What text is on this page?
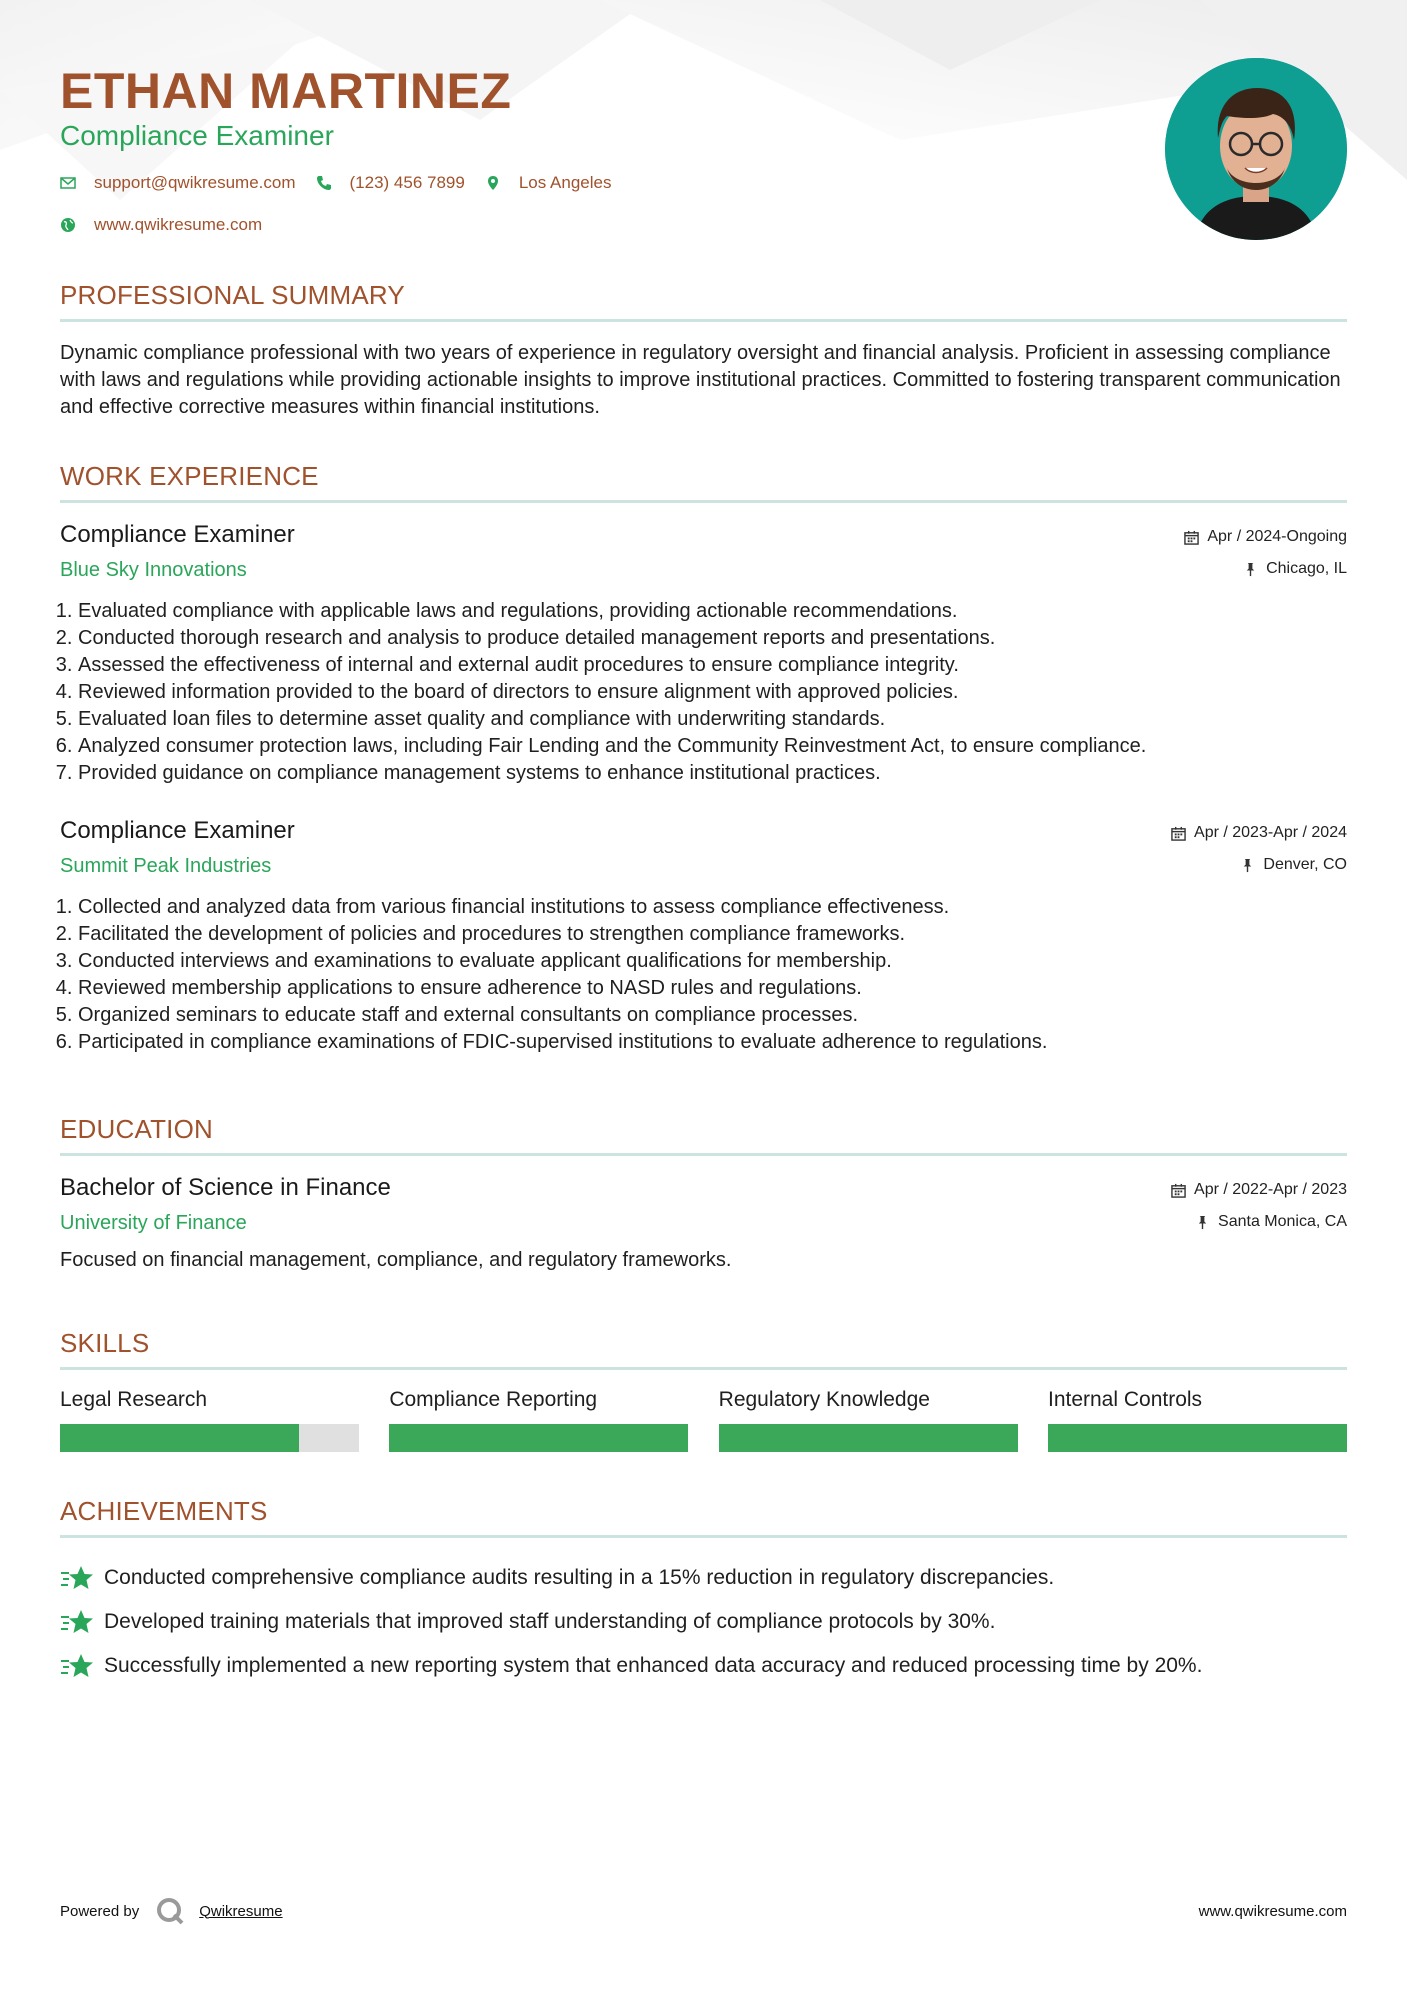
ETHAN MARTINEZ
Compliance Examiner
support@qwikresume.com	(123) 456 7899	Los Angeles
www.qwikresume.com
PROFESSIONAL SUMMARY

Dynamic compliance professional with two years of experience in regulatory oversight and financial analysis. Proficient in assessing compliance with laws and regulations while providing actionable insights to improve institutional practices. Committed to fostering transparent communication and effective corrective measures within financial institutions.

WORK EXPERIENCE
Compliance Examiner
Blue Sky Innovations
Apr / 2024-Ongoing
Chicago, IL
1. Evaluated compliance with applicable laws and regulations, providing actionable recommendations.
2. Conducted thorough research and analysis to produce detailed management reports and presentations.
3. Assessed the effectiveness of internal and external audit procedures to ensure compliance integrity.
4. Reviewed information provided to the board of directors to ensure alignment with approved policies.
5. Evaluated loan files to determine asset quality and compliance with underwriting standards.
6. Analyzed consumer protection laws, including Fair Lending and the Community Reinvestment Act, to ensure compliance.
7. Provided guidance on compliance management systems to enhance institutional practices.
Compliance Examiner
Summit Peak Industries
Apr / 2023-Apr / 2024
Denver, CO
1. Collected and analyzed data from various financial institutions to assess compliance effectiveness.
2. Facilitated the development of policies and procedures to strengthen compliance frameworks.
3. Conducted interviews and examinations to evaluate applicant qualifications for membership.
4. Reviewed membership applications to ensure adherence to NASD rules and regulations.
5. Organized seminars to educate staff and external consultants on compliance processes.
6. Participated in compliance examinations of FDIC-supervised institutions to evaluate adherence to regulations.
EDUCATION
Bachelor of Science in Finance
University of Finance
Apr / 2022-Apr / 2023
Santa Monica, CA
Focused on financial management, compliance, and regulatory frameworks.
SKILLS
Legal Research	Compliance Reporting	Regulatory Knowledge	Internal Controls
ACHIEVEMENTS
Conducted comprehensive compliance audits resulting in a 15% reduction in regulatory discrepancies.
Developed training materials that improved staff understanding of compliance protocols by 30%.
Successfully implemented a new reporting system that enhanced data accuracy and reduced processing time by 20%.
Powered by	Qwikresume	www.qwikresume.com
